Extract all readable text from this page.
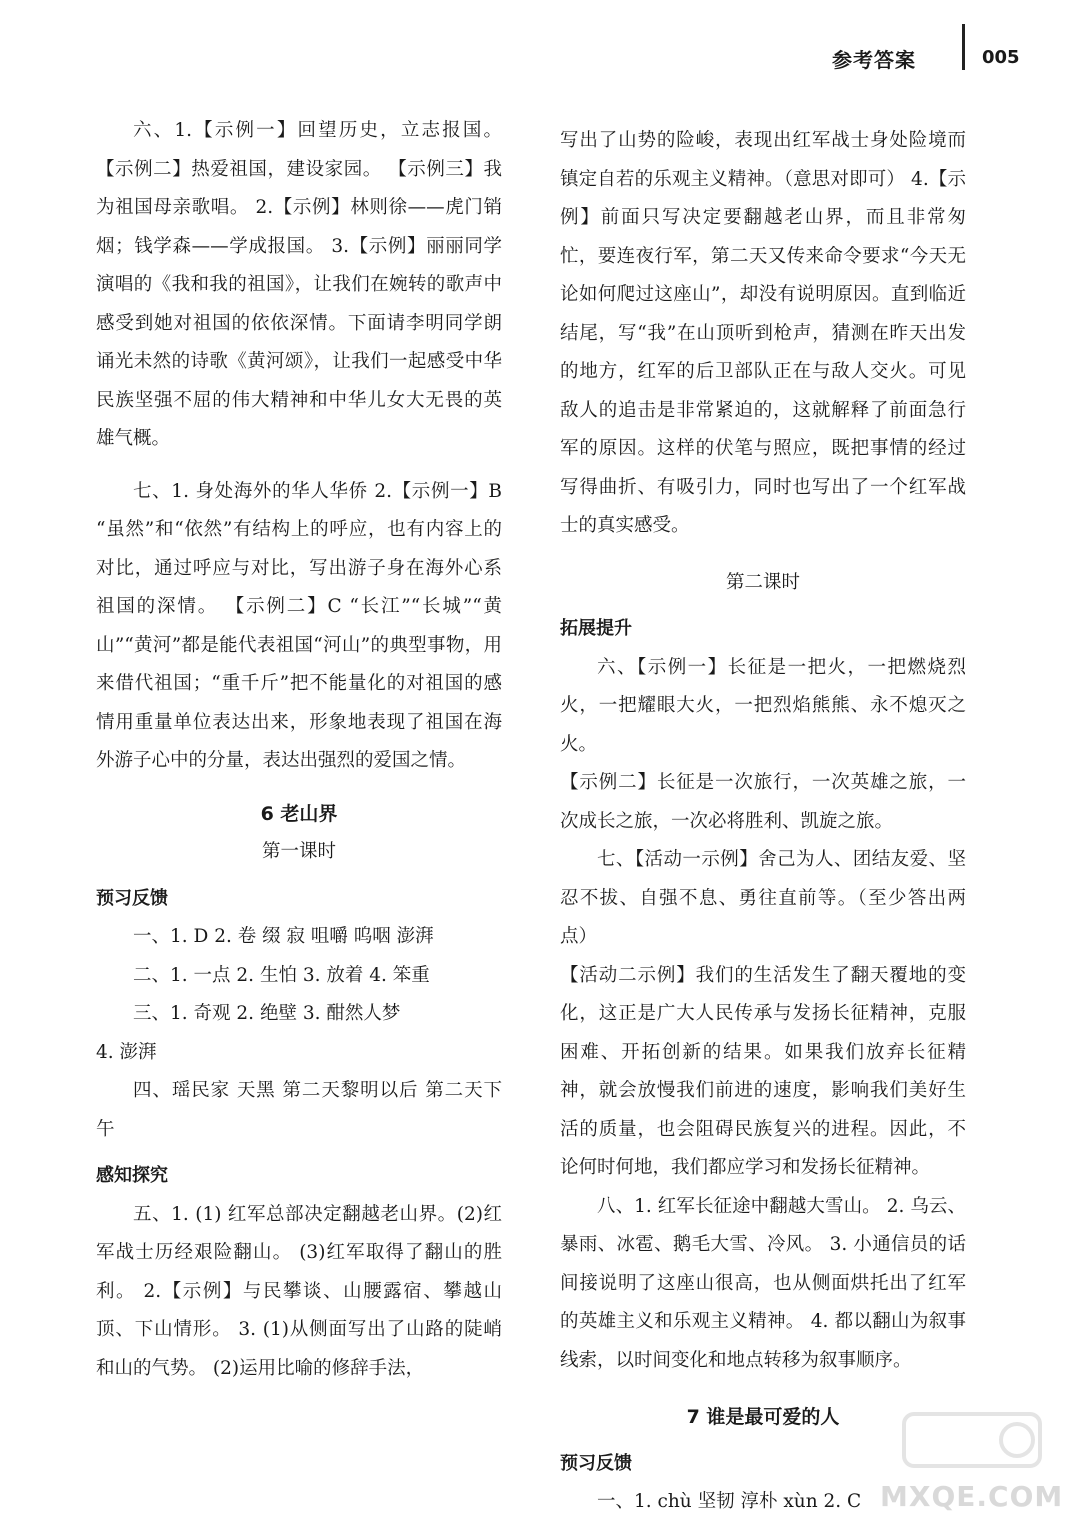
参考答案	005

六、1.【示例一】回望历史，立志报国。 【示例二】热爱祖国，建设家园。 【示例三】我为祖国母亲歌唱。 2.【示例】林则徐——虎门销烟；钱学森——学成报国。 3.【示例】丽丽同学演唱的《我和我的祖国》，让我们在婉转的歌声中感受到她对祖国的依依深情。下面请李明同学朗诵光未然的诗歌《黄河颂》，让我们一起感受中华民族坚强不屈的伟大精神和中华儿女大无畏的英雄气概。

七、1. 身处海外的华人华侨 2.【示例一】B “虽然”和“依然”有结构上的呼应，也有内容上的对比，通过呼应与对比，写出游子身在海外心系祖国的深情。 【示例二】C “长江”“长城”“黄山”“黄河”都是能代表祖国“河山”的典型事物，用来借代祖国；“重千斤”把不能量化的对祖国的感情用重量单位表达出来，形象地表现了祖国在海外游子心中的分量，表达出强烈的爱国之情。

6 老山界

第一课时

预习反馈

一、1. D 2. 卷 缀 寂 咀嚼 呜咽 澎湃

二、1. 一点 2. 生怕 3. 放着 4. 笨重

三、1. 奇观 2. 绝壁 3. 酣然人梦

4. 澎湃

四、瑶民家 天黑 第二天黎明以后 第二天下午

感知探究

五、1. (1) 红军总部决定翻越老山界。(2)红军战士历经艰险翻山。 (3)红军取得了翻山的胜利。 2.【示例】与民攀谈、山腰露宿、攀越山顶、下山情形。 3. (1)从侧面写出了山路的陡峭和山的气势。 (2)运用比喻的修辞手法，

写出了山势的险峻，表现出红军战士身处险境而镇定自若的乐观主义精神。（意思对即可） 4.【示例】前面只写决定要翻越老山界，而且非常匆忙，要连夜行军，第二天又传来命令要求“今天无论如何爬过这座山”，却没有说明原因。直到临近结尾，写“我”在山顶听到枪声，猜测在昨天出发的地方，红军的后卫部队正在与敌人交火。可见敌人的追击是非常紧迫的，这就解释了前面急行军的原因。这样的伏笔与照应，既把事情的经过写得曲折、有吸引力，同时也写出了一个红军战士的真实感受。

第二课时

拓展提升

六、【示例一】长征是一把火，一把燃烧烈火，一把耀眼大火，一把烈焰熊熊、永不熄灭之火。

【示例二】长征是一次旅行，一次英雄之旅，一次成长之旅，一次必将胜利、凯旋之旅。

七、【活动一示例】舍己为人、团结友爱、坚忍不拔、自强不息、勇往直前等。（至少答出两点）

【活动二示例】我们的生活发生了翻天覆地的变化，这正是广大人民传承与发扬长征精神，克服困难、开拓创新的结果。如果我们放弃长征精神，就会放慢我们前进的速度，影响我们美好生活的质量，也会阻碍民族复兴的进程。因此，不论何时何地，我们都应学习和发扬长征精神。

八、1. 红军长征途中翻越大雪山。 2. 乌云、暴雨、冰雹、鹅毛大雪、冷风。 3. 小通信员的话间接说明了这座山很高，也从侧面烘托出了红军的英雄主义和乐观主义精神。 4. 都以翻山为叙事线索，以时间变化和地点转移为叙事顺序。

7 谁是最可爱的人

预习反馈

一、1. chù 坚韧 淳朴 xùn 2. C MXQE.COM
